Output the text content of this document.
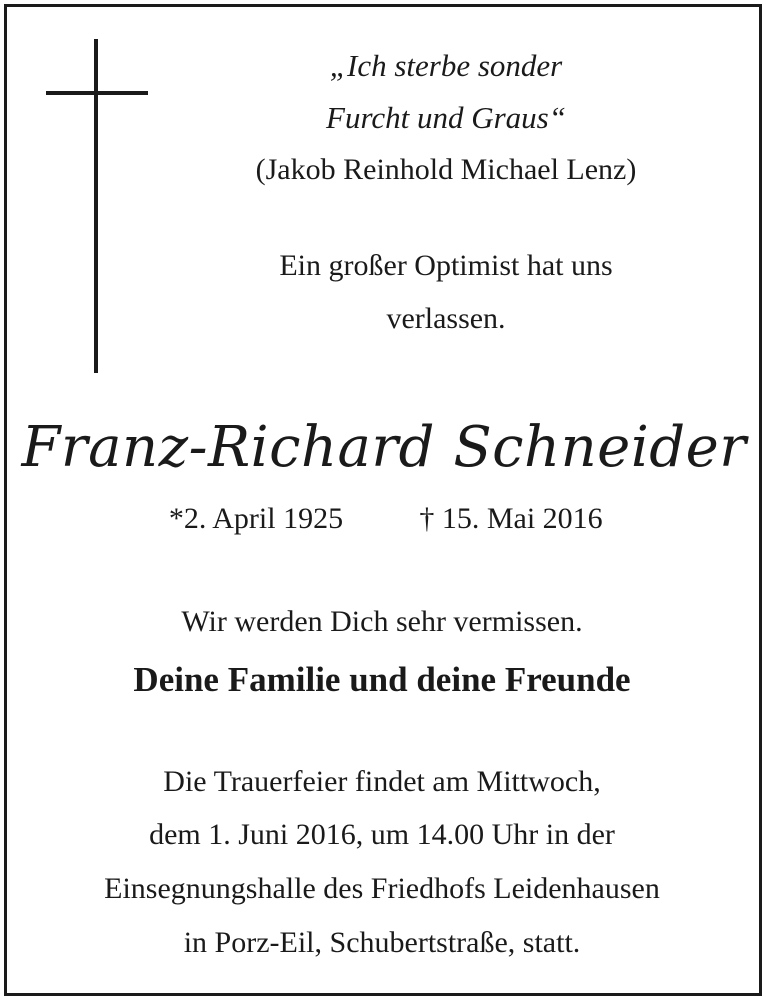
„Ich sterbe sonder
Furcht und Graus“
(Jakob Reinhold Michael Lenz)
Ein großer Optimist hat uns
verlassen.
Franz-Richard Schneider
*2. April 1925	† 15. Mai 2016
Wir werden Dich sehr vermissen.
Deine Familie und deine Freunde
Die Trauerfeier findet am Mittwoch,
dem 1. Juni 2016, um 14.00 Uhr in der
Einsegnungshalle des Friedhofs Leidenhausen
in Porz-Eil, Schubertstraße, statt.
